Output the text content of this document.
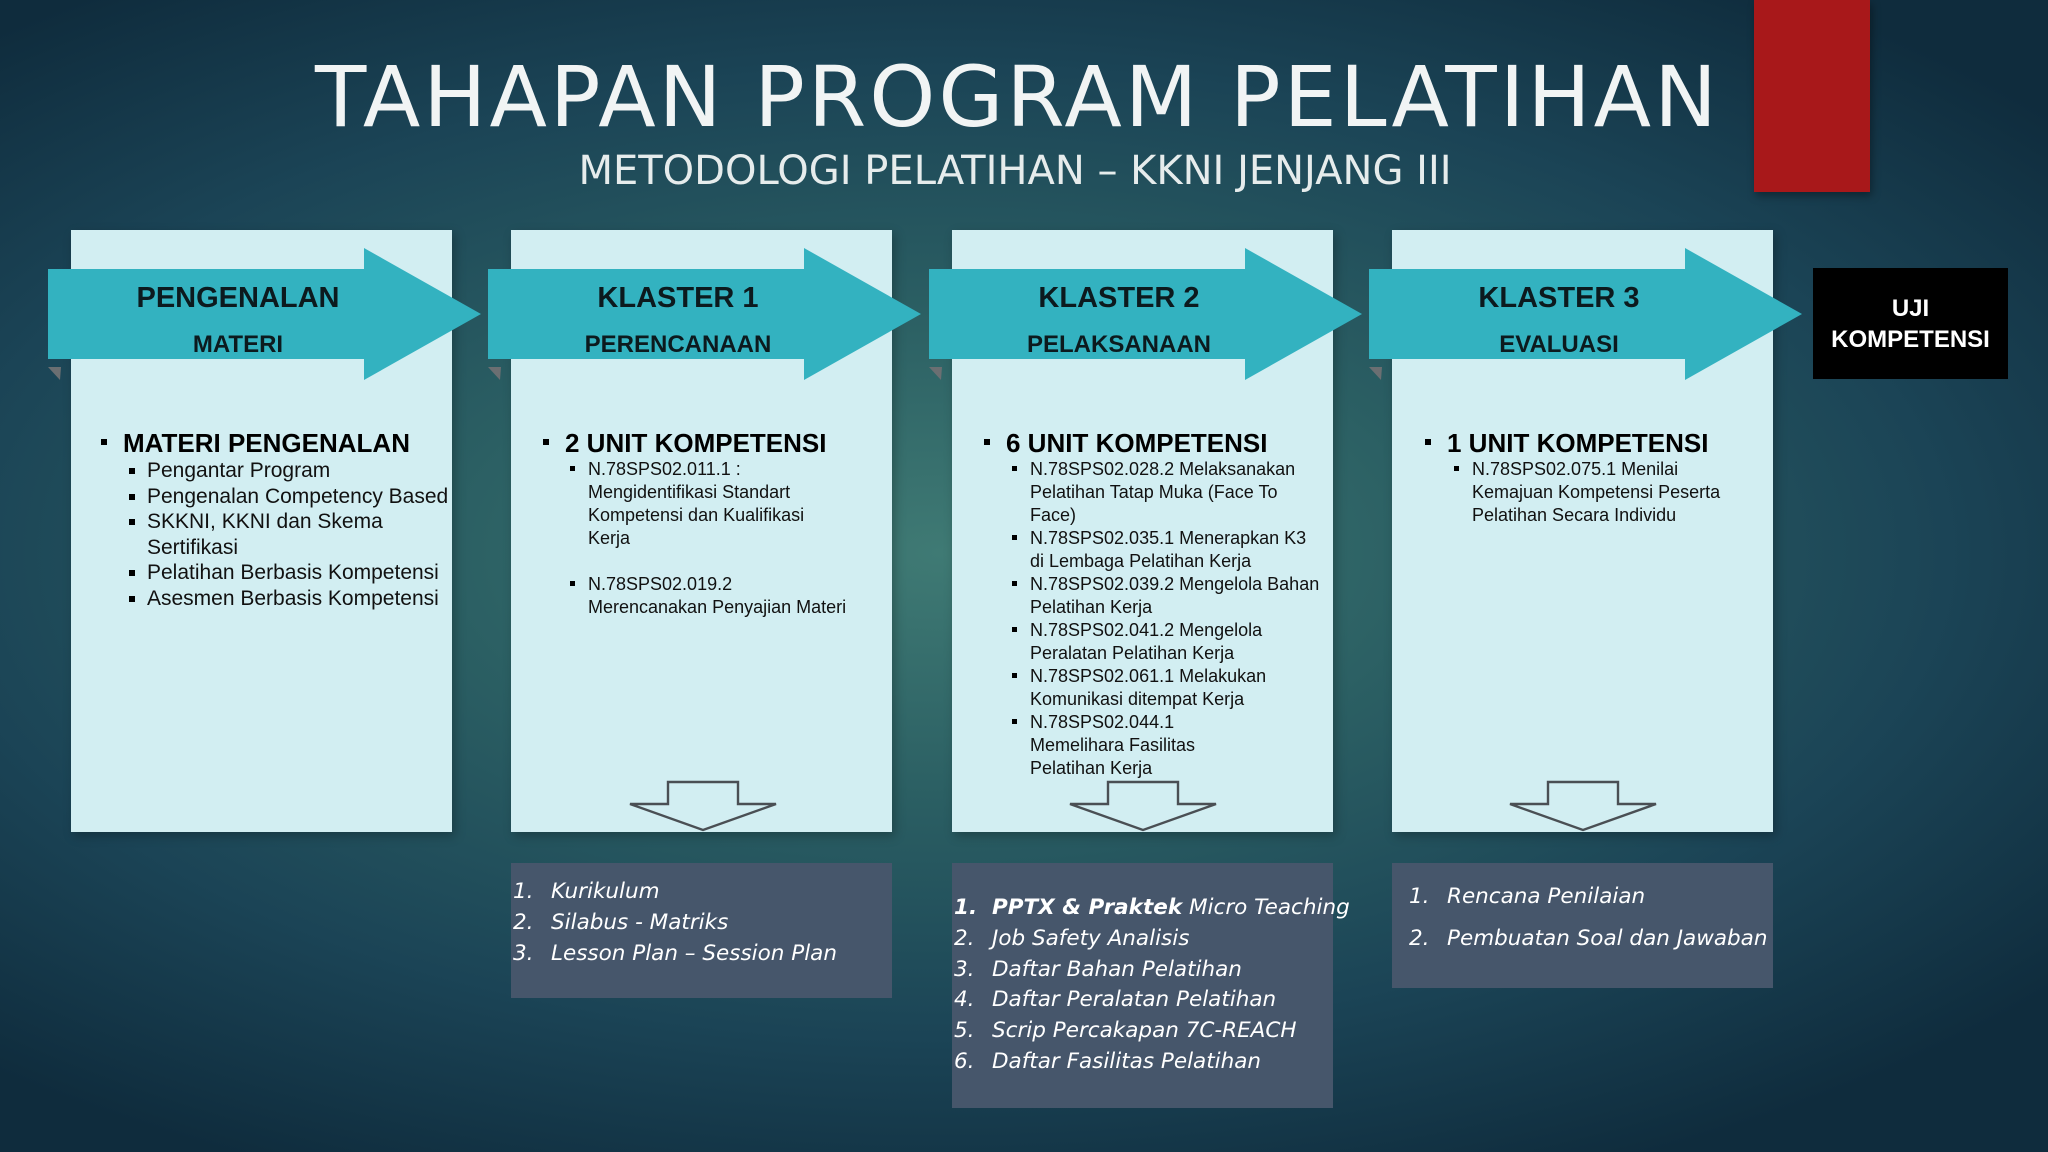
TAHAPAN PROGRAM PELATIHAN
METODOLOGI PELATIHAN – KKNI JENJANG III
PENGENALAN
MATERI
MATERI PENGENALAN
Pengantar Program
Pengenalan Competency Based
SKKNI, KKNI dan Skema Sertifikasi
Pelatihan Berbasis Kompetensi
Asesmen Berbasis Kompetensi
KLASTER 1
PERENCANAAN
2 UNIT KOMPETENSI
N.78SPS02.011.1 : Mengidentifikasi Standart Kompetensi dan Kualifikasi Kerja
N.78SPS02.019.2 Merencanakan Penyajian Materi
1. Kurikulum
2. Silabus - Matriks
3. Lesson Plan – Session Plan
KLASTER 2
PELAKSANAAN
6 UNIT KOMPETENSI
N.78SPS02.028.2 Melaksanakan Pelatihan Tatap Muka (Face To Face)
N.78SPS02.035.1 Menerapkan K3 di Lembaga Pelatihan Kerja
N.78SPS02.039.2 Mengelola Bahan Pelatihan Kerja
N.78SPS02.041.2 Mengelola Peralatan Pelatihan Kerja
N.78SPS02.061.1 Melakukan Komunikasi ditempat Kerja
N.78SPS02.044.1 Memelihara Fasilitas Pelatihan Kerja
1. PPTX & Praktek Micro Teaching
2. Job Safety Analisis
3. Daftar Bahan Pelatihan
4. Daftar Peralatan Pelatihan
5. Scrip Percakapan 7C-REACH
6. Daftar Fasilitas Pelatihan
KLASTER 3
EVALUASI
1 UNIT KOMPETENSI
N.78SPS02.075.1 Menilai Kemajuan Kompetensi Peserta Pelatihan Secara Individu
1. Rencana Penilaian
2. Pembuatan Soal dan Jawaban
UJI
KOMPETENSI
